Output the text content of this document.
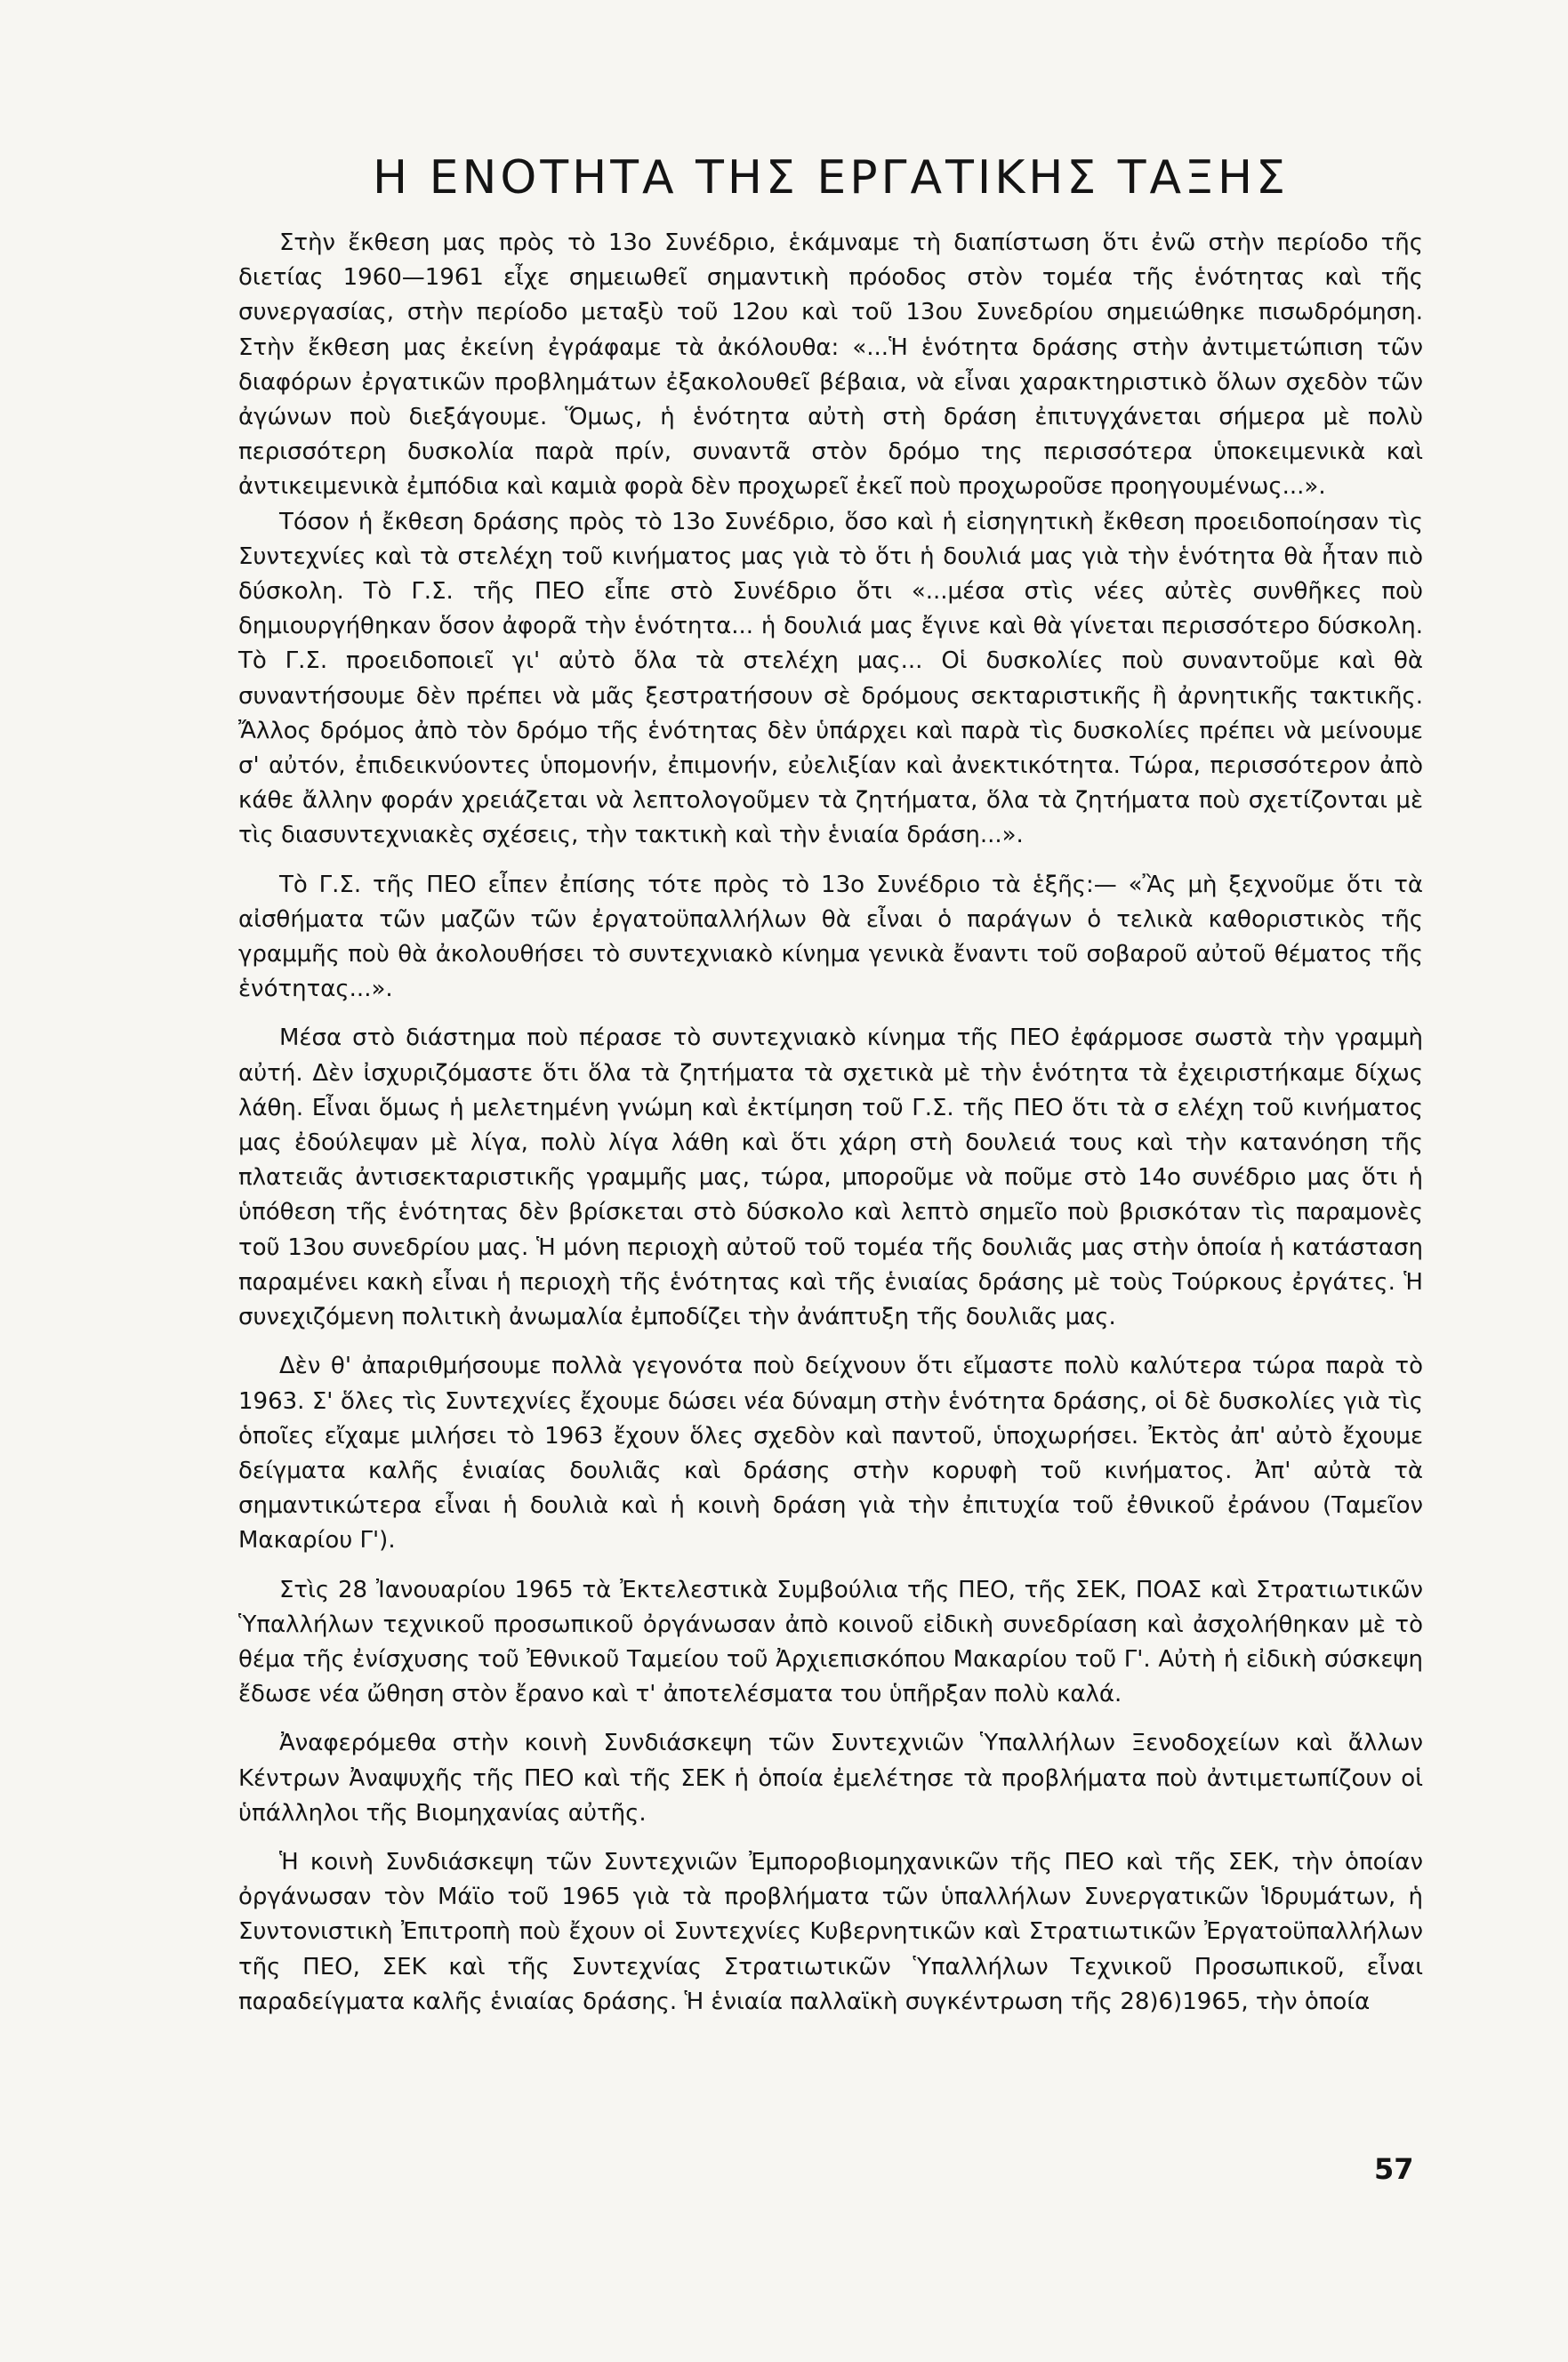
Η ΕΝΟΤΗΤΑ ΤΗΣ ΕΡΓΑΤΙΚΗΣ ΤΑΞΗΣ

Στὴν ἔκθεση μας πρὸς τὸ 13ο Συνέδριο, ἑκάμναμε τὴ διαπίστωση ὅτι ἐνῶ στὴν περίοδο τῆς διετίας 1960—1961 εἶχε σημειωθεῖ σημαντικὴ πρόοδος στὸν τομέα τῆς ἑνότητας καὶ τῆς συνεργασίας, στὴν περίοδο μεταξὺ τοῦ 12ου καὶ τοῦ 13ου Συνεδρίου σημειώθηκε πισωδρόμηση. Στὴν ἔκθεση μας ἐκείνη ἐγράφαμε τὰ ἀκόλουθα: «...Ἡ ἑνότητα δράσης στὴν ἀντιμετώπιση τῶν διαφόρων ἐργατικῶν προβλημάτων ἐξακολουθεῖ βέβαια, νὰ εἶναι χαρακτηριστικὸ ὅλων σχεδὸν τῶν ἀγώνων ποὺ διεξάγουμε. Ὅμως, ἡ ἑνότητα αὐτὴ στὴ δράση ἐπιτυγχάνεται σήμερα μὲ πολὺ περισσότερη δυσκολία παρὰ πρίν, συναντᾶ στὸν δρόμο της περισσότερα ὑποκειμενικὰ καὶ ἀντικειμενικὰ ἐμπόδια καὶ καμιὰ φορὰ δὲν προχωρεῖ ἐκεῖ ποὺ προχωροῦσε προηγουμένως...».

Τόσον ἡ ἔκθεση δράσης πρὸς τὸ 13ο Συνέδριο, ὅσο καὶ ἡ εἰσηγητικὴ ἔκθεση προειδοποίησαν τὶς Συντεχνίες καὶ τὰ στελέχη τοῦ κινήματος μας γιὰ τὸ ὅτι ἡ δουλιά μας γιὰ τὴν ἑνότητα θὰ ἦταν πιὸ δύσκολη. Τὸ Γ.Σ. τῆς ΠΕΟ εἶπε στὸ Συνέδριο ὅτι «...μέσα στὶς νέες αὐτὲς συνθῆκες ποὺ δημιουργήθηκαν ὅσον ἀφορᾶ τὴν ἑνότητα... ἡ δουλιά μας ἔγινε καὶ θὰ γίνεται περισσότερο δύσκολη. Τὸ Γ.Σ. προειδοποιεῖ γι' αὐτὸ ὅλα τὰ στελέχη μας... Οἱ δυσκολίες ποὺ συναντοῦμε καὶ θὰ συναντήσουμε δὲν πρέπει νὰ μᾶς ξεστρατήσουν σὲ δρόμους σεκταριστικῆς ἢ ἀρνητικῆς τακτικῆς. Ἄλλος δρόμος ἀπὸ τὸν δρόμο τῆς ἑνότητας δὲν ὑπάρχει καὶ παρὰ τὶς δυσκολίες πρέπει νὰ μείνουμε σ' αὐτόν, ἐπιδεικνύοντες ὑπομονήν, ἐπιμονήν, εὐελιξίαν καὶ ἀνεκτικότητα. Τώρα, περισσότερον ἀπὸ κάθε ἄλλην φοράν χρειάζεται νὰ λεπτολογοῦμεν τὰ ζητήματα, ὅλα τὰ ζητήματα ποὺ σχετίζονται μὲ τὶς διασυντεχνιακὲς σχέσεις, τὴν τακτικὴ καὶ τὴν ἑνιαία δράση...».

Τὸ Γ.Σ. τῆς ΠΕΟ εἶπεν ἐπίσης τότε πρὸς τὸ 13ο Συνέδριο τὰ ἑξῆς:— «Ἂς μὴ ξεχνοῦμε ὅτι τὰ αἰσθήματα τῶν μαζῶν τῶν ἐργατοϋπαλλήλων θὰ εἶναι ὁ παράγων ὁ τελικὰ καθοριστικὸς τῆς γραμμῆς ποὺ θὰ ἀκολουθήσει τὸ συντεχνιακὸ κίνημα γενικὰ ἔναντι τοῦ σοβαροῦ αὐτοῦ θέματος τῆς ἑνότητας...».

Μέσα στὸ διάστημα ποὺ πέρασε τὸ συντεχνιακὸ κίνημα τῆς ΠΕΟ ἐφάρμοσε σωστὰ τὴν γραμμὴ αὐτή. Δὲν ἰσχυριζόμαστε ὅτι ὅλα τὰ ζητήματα τὰ σχετικὰ μὲ τὴν ἑνότητα τὰ ἐχειριστήκαμε δίχως λάθη. Εἶναι ὅμως ἡ μελετημένη γνώμη καὶ ἐκτίμηση τοῦ Γ.Σ. τῆς ΠΕΟ ὅτι τὰ σ ελέχη τοῦ κινήματος μας ἐδούλεψαν μὲ λίγα, πολὺ λίγα λάθη καὶ ὅτι χάρη στὴ δουλειά τους καὶ τὴν κατανόηση τῆς πλατειᾶς ἀντισεκταριστικῆς γραμμῆς μας, τώρα, μποροῦμε νὰ ποῦμε στὸ 14ο συνέδριο μας ὅτι ἡ ὑπόθεση τῆς ἑνότητας δὲν βρίσκεται στὸ δύσκολο καὶ λεπτὸ σημεῖο ποὺ βρισκόταν τὶς παραμονὲς τοῦ 13ου συνεδρίου μας. Ἡ μόνη περιοχὴ αὐτοῦ τοῦ τομέα τῆς δουλιᾶς μας στὴν ὁποία ἡ κατάσταση παραμένει κακὴ εἶναι ἡ περιοχὴ τῆς ἑνότητας καὶ τῆς ἑνιαίας δράσης μὲ τοὺς Τούρκους ἐργάτες. Ἡ συνεχιζόμενη πολιτικὴ ἀνωμαλία ἐμποδίζει τὴν ἀνάπτυξη τῆς δουλιᾶς μας.

Δὲν θ' ἀπαριθμήσουμε πολλὰ γεγονότα ποὺ δείχνουν ὅτι εἴμαστε πολὺ καλύτερα τώρα παρὰ τὸ 1963. Σ' ὅλες τὶς Συντεχνίες ἔχουμε δώσει νέα δύναμη στὴν ἑνότητα δράσης, οἱ δὲ δυσκολίες γιὰ τὶς ὁποῖες εἴχαμε μιλήσει τὸ 1963 ἔχουν ὅλες σχεδὸν καὶ παντοῦ, ὑποχωρήσει. Ἐκτὸς ἀπ' αὐτὸ ἔχουμε δείγματα καλῆς ἑνιαίας δουλιᾶς καὶ δράσης στὴν κορυφὴ τοῦ κινήματος. Ἀπ' αὐτὰ τὰ σημαντικώτερα εἶναι ἡ δουλιὰ καὶ ἡ κοινὴ δράση γιὰ τὴν ἐπιτυχία τοῦ ἐθνικοῦ ἐράνου (Ταμεῖον Μακαρίου Γ').

Στὶς 28 Ἰανουαρίου 1965 τὰ Ἐκτελεστικὰ Συμβούλια τῆς ΠΕΟ, τῆς ΣΕΚ, ΠΟΑΣ καὶ Στρατιωτικῶν Ὑπαλλήλων τεχνικοῦ προσωπικοῦ ὀργάνωσαν ἀπὸ κοινοῦ εἰδικὴ συνεδρίαση καὶ ἀσχολήθηκαν μὲ τὸ θέμα τῆς ἐνίσχυσης τοῦ Ἐθνικοῦ Ταμείου τοῦ Ἀρχιεπισκόπου Μακαρίου τοῦ Γ'. Αὐτὴ ἡ εἰδικὴ σύσκεψη ἔδωσε νέα ὤθηση στὸν ἔρανο καὶ τ' ἀποτελέσματα του ὑπῆρξαν πολὺ καλά.

Ἀναφερόμεθα στὴν κοινὴ Συνδιάσκεψη τῶν Συντεχνιῶν Ὑπαλλήλων Ξενοδοχείων καὶ ἄλλων Κέντρων Ἀναψυχῆς τῆς ΠΕΟ καὶ τῆς ΣΕΚ ἡ ὁποία ἐμελέτησε τὰ προβλήματα ποὺ ἀντιμετωπίζουν οἱ ὑπάλληλοι τῆς Βιομηχανίας αὐτῆς.

Ἡ κοινὴ Συνδιάσκεψη τῶν Συντεχνιῶν Ἐμποροβιομηχανικῶν τῆς ΠΕΟ καὶ τῆς ΣΕΚ, τὴν ὁποίαν ὀργάνωσαν τὸν Μάϊο τοῦ 1965 γιὰ τὰ προβλήματα τῶν ὑπαλλήλων Συνεργατικῶν Ἱδρυμάτων, ἡ Συντονιστικὴ Ἐπιτροπὴ ποὺ ἔχουν οἱ Συντεχνίες Κυβερνητικῶν καὶ Στρατιωτικῶν Ἐργατοϋπαλλήλων τῆς ΠΕΟ, ΣΕΚ καὶ τῆς Συντεχνίας Στρατιωτικῶν Ὑπαλλήλων Τεχνικοῦ Προσωπικοῦ, εἶναι παραδείγματα καλῆς ἑνιαίας δράσης. Ἡ ἑνιαία παλλαϊκὴ συγκέντρωση τῆς 28)6)1965, τὴν ὁποία

57
